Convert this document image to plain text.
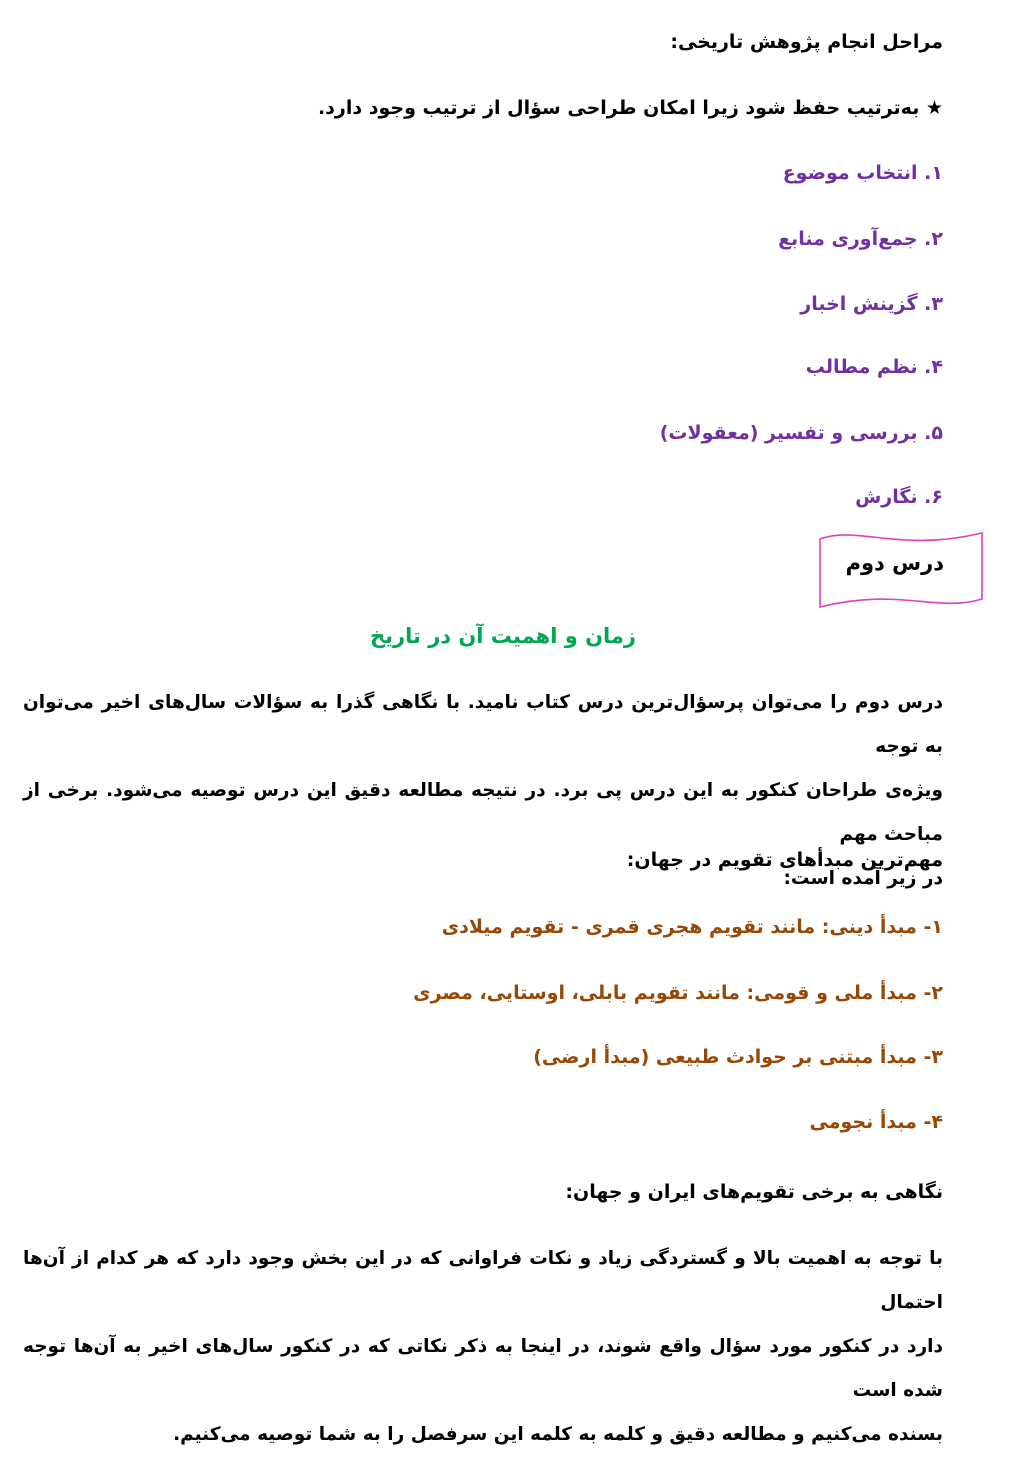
مراحل انجام پژوهش تاریخی:
★ به‌ترتیب حفظ شود زیرا امکان طراحی سؤال از ترتیب وجود دارد.
۱. انتخاب موضوع
۲. جمع‌آوری منابع
۳. گزینش اخبار
۴. نظم مطالب
۵. بررسی و تفسیر (معقولات)
۶. نگارش
درس دوم
زمان و اهمیت آن در تاریخ
درس دوم را می‌توان پرسؤال‌ترین درس کتاب نامید. با نگاهی گذرا به سؤالات سال‌های اخیر می‌توان به توجه
ویژه‌ی طراحان کنکور به این درس پی برد. در نتیجه مطالعه دقیق این درس توصیه می‌شود. برخی از مباحث مهم
در زیر آمده است:
مهم‌ترین مبدأهای تقویم در جهان:
۱- مبدأ دینی: مانند تقویم هجری قمری - تقویم میلادی
۲- مبدأ ملی و قومی: مانند تقویم بابلی، اوستایی، مصری
۳- مبدأ مبتنی بر حوادث طبیعی (مبدأ ارضی)
۴- مبدأ نجومی
نگاهی به برخی تقویم‌های ایران و جهان:
با توجه به اهمیت بالا و گستردگی زیاد و نکات فراوانی که در این بخش وجود دارد که هر کدام از آن‌ها احتمال
دارد در کنکور مورد سؤال واقع شوند، در اینجا به ذکر نکاتی که در کنکور سال‌های اخیر به آن‌ها توجه شده است
بسنده می‌کنیم و مطالعه دقیق و کلمه به کلمه این سرفصل را به شما توصیه می‌کنیم.
